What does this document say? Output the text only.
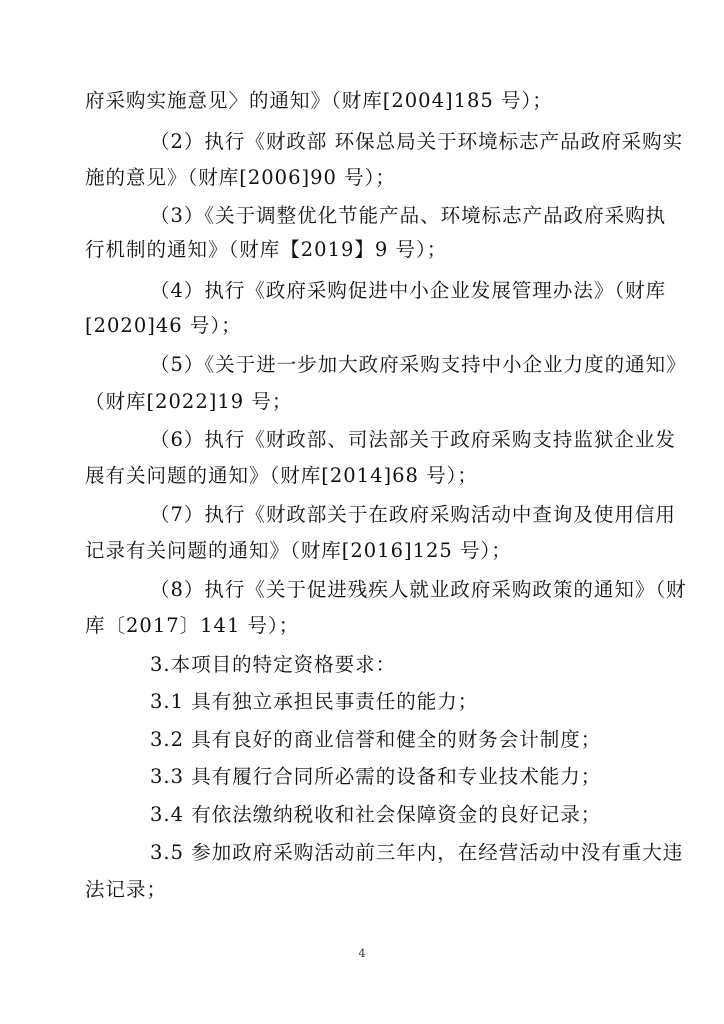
府采购实施意见〉的通知》（财库[2004]185 号）；
（2）执行《财政部 环保总局关于环境标志产品政府采购实
施的意见》（财库[2006]90 号）；
（3）《关于调整优化节能产品、环境标志产品政府采购执
行机制的通知》（财库【2019】9 号）；
（4）执行《政府采购促进中小企业发展管理办法》（财库
[2020]46 号）；
（5）《关于进一步加大政府采购支持中小企业力度的通知》
（财库[2022]19 号；
（6）执行《财政部、司法部关于政府采购支持监狱企业发
展有关问题的通知》（财库[2014]68 号）；
（7）执行《财政部关于在政府采购活动中查询及使用信用
记录有关问题的通知》（财库[2016]125 号）；
（8）执行《关于促进残疾人就业政府采购政策的通知》（财
库〔2017〕141 号）；
3.本项目的特定资格要求：
3.1 具有独立承担民事责任的能力；
3.2 具有良好的商业信誉和健全的财务会计制度；
3.3 具有履行合同所必需的设备和专业技术能力；
3.4 有依法缴纳税收和社会保障资金的良好记录；
3.5 参加政府采购活动前三年内，在经营活动中没有重大违
法记录；
4
